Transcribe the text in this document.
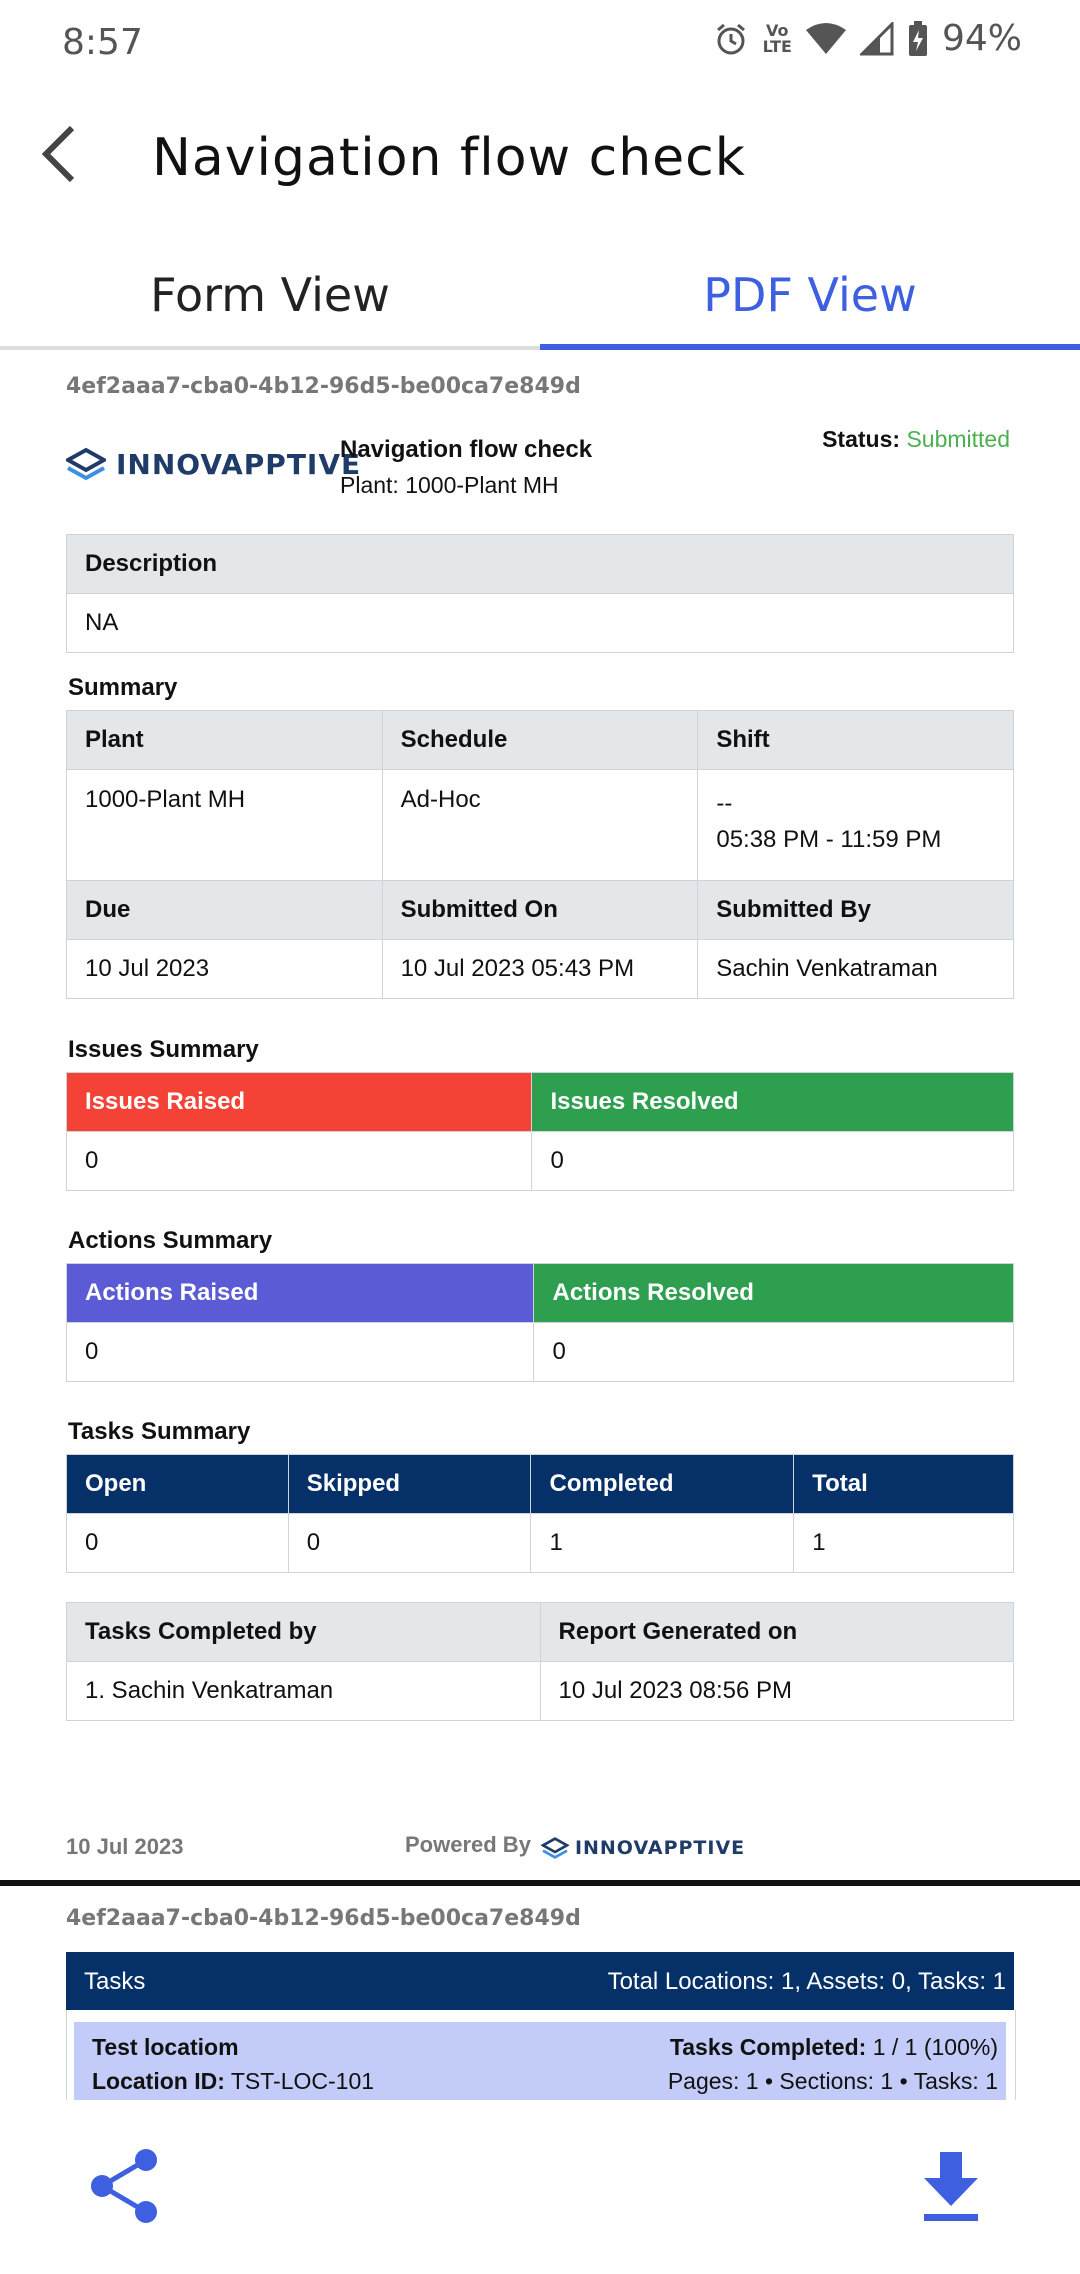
8:57	Vo
LTE	94%
Navigation flow check
Form View	PDF View
4ef2aaa7-cba0-4b12-96d5-be00ca7e849d
INNOVAPPTIVE
Navigation flow check
Plant: 1000-Plant MH
Status: Submitted
Description
NA
Summary
Plant	Schedule	Shift
1000-Plant MH	Ad-Hoc	--
05:38 PM - 11:59 PM
Due	Submitted On	Submitted By
10 Jul 2023	10 Jul 2023 05:43 PM	Sachin Venkatraman
Issues Summary
Issues Raised	Issues Resolved
0	0
Actions Summary
Actions Raised	Actions Resolved
0	0
Tasks Summary
Open	Skipped	Completed	Total
0	0	1	1
Tasks Completed by	Report Generated on
1. Sachin Venkatraman	10 Jul 2023 08:56 PM
10 Jul 2023	Powered By INNOVAPPTIVE
4ef2aaa7-cba0-4b12-96d5-be00ca7e849d
Tasks	Total Locations: 1, Assets: 0, Tasks: 1
Test locatiom
Location ID: TST-LOC-101
Tasks Completed: 1 / 1 (100%)
Pages: 1 • Sections: 1 • Tasks: 1
